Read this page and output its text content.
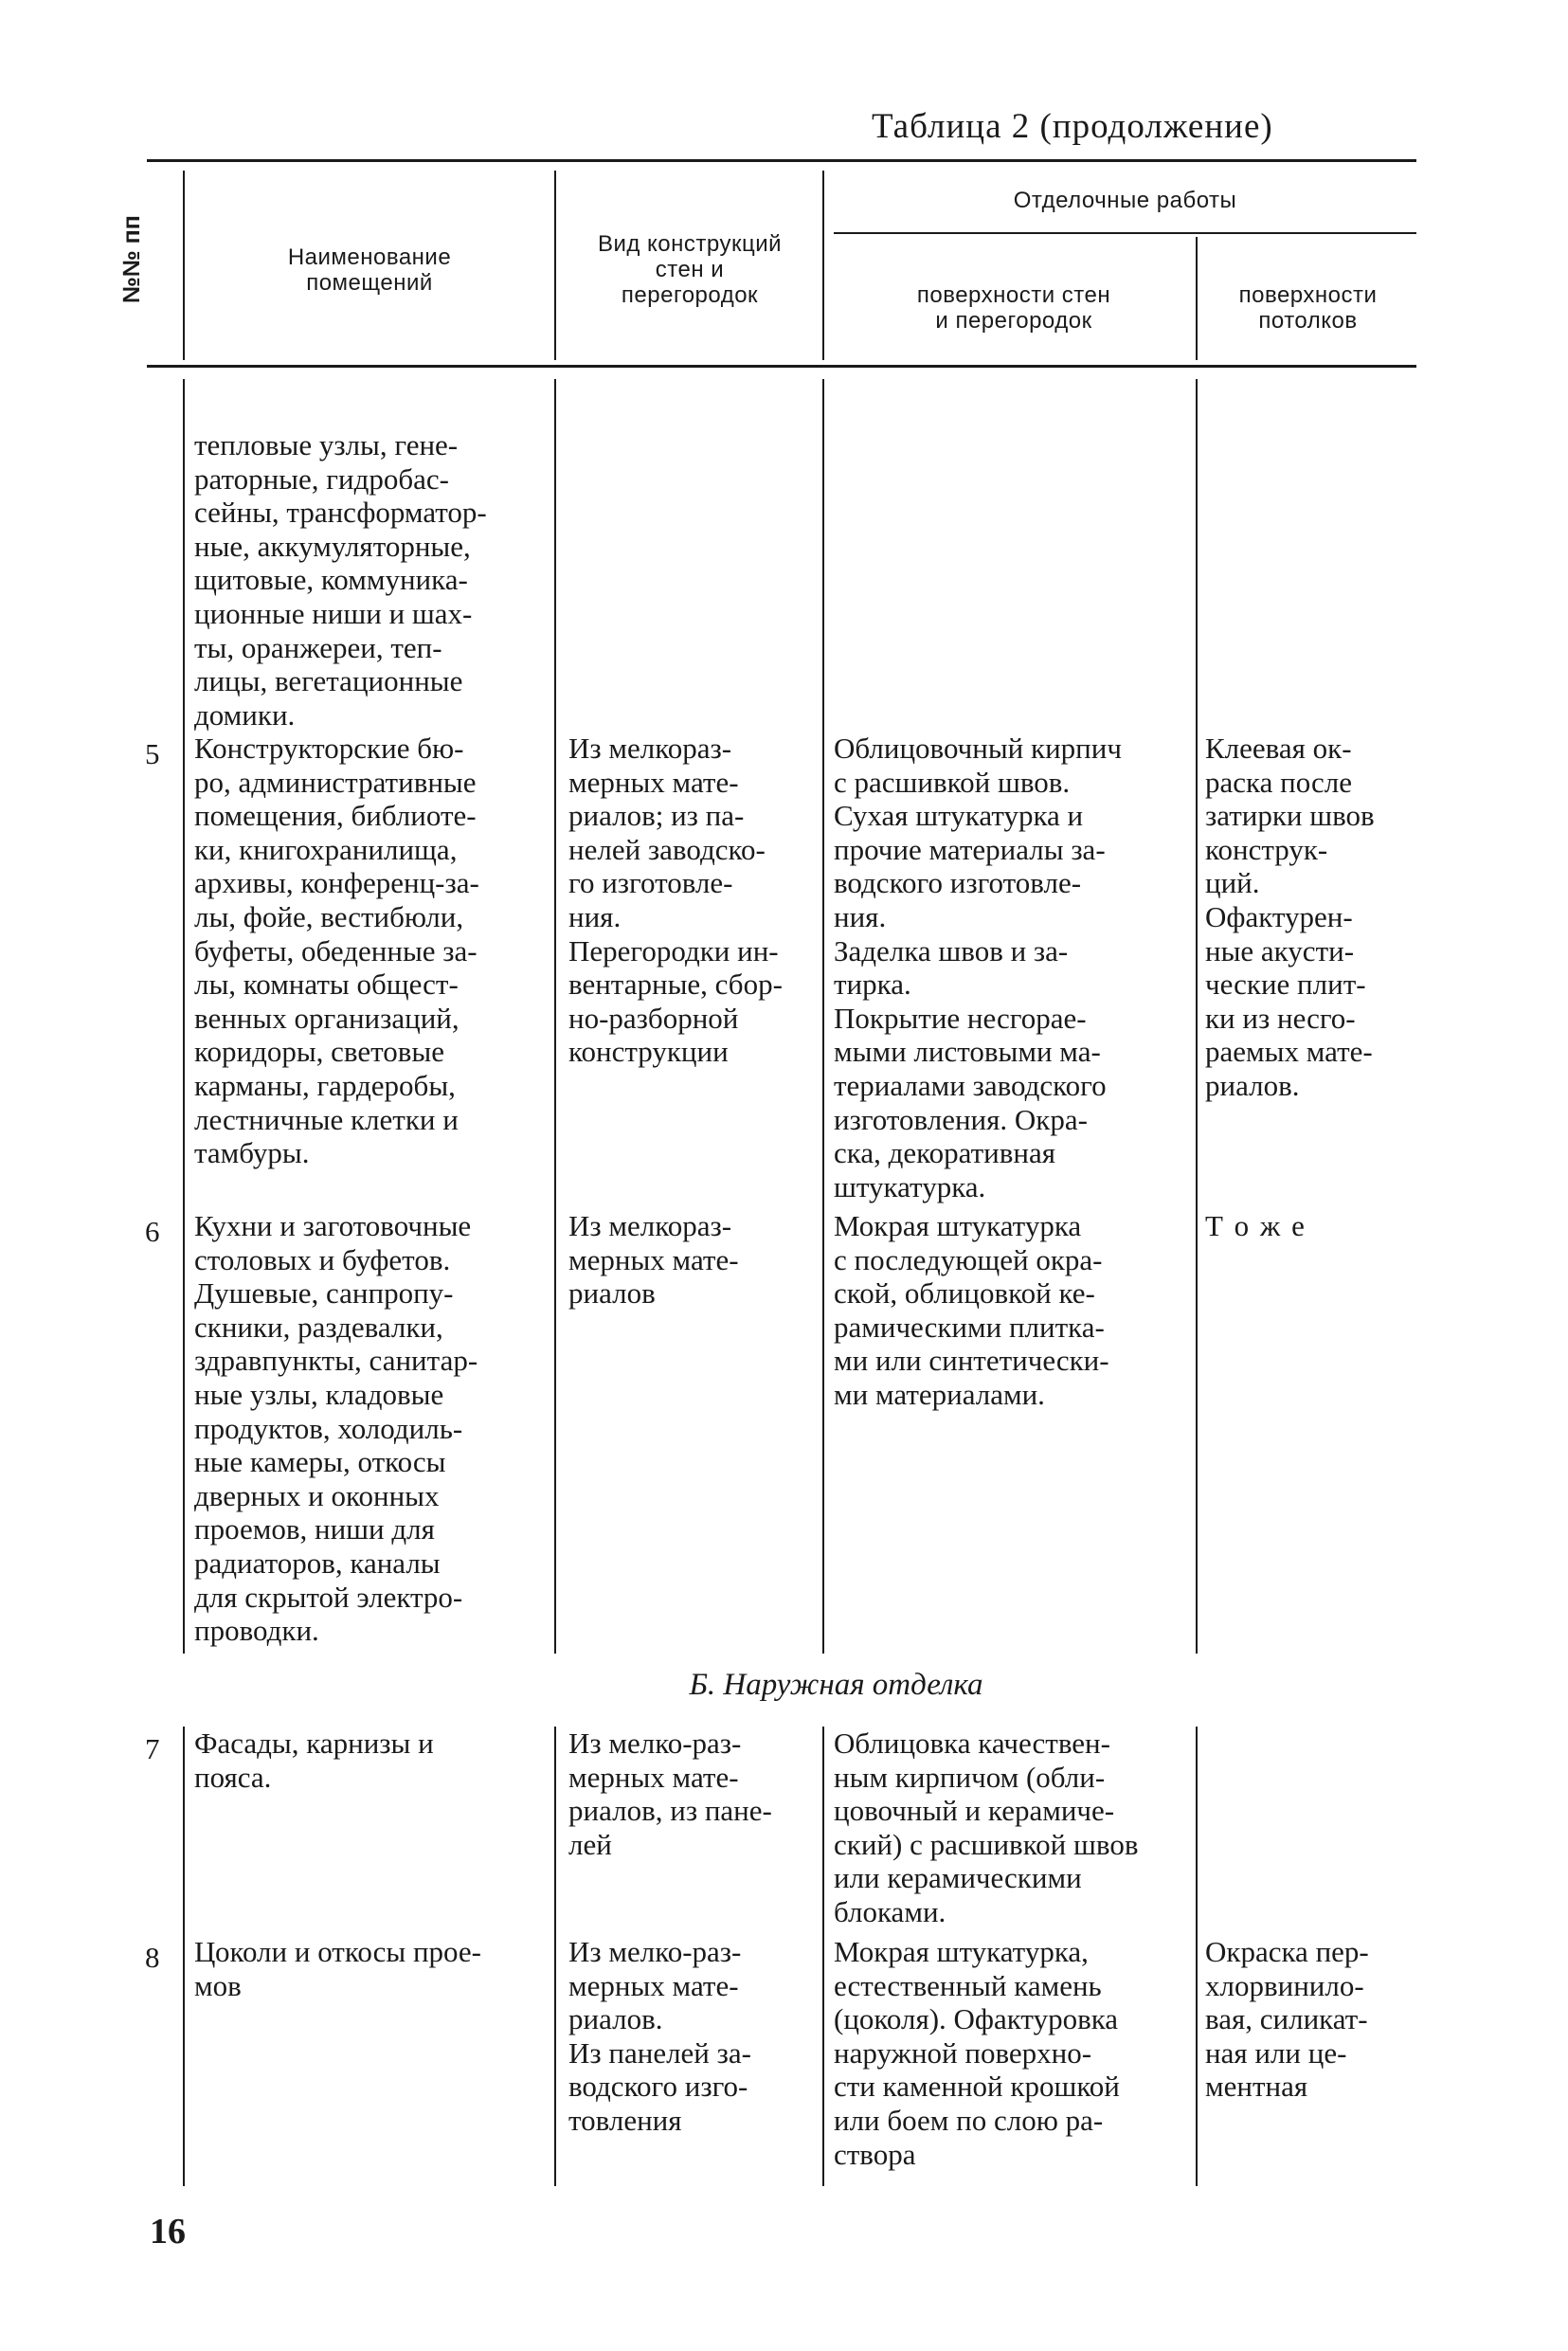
Таблица 2 (продолжение)
№№ пп	Наименование
помещений
Вид конструкций
стен и
перегородок
Отделочные работы
поверхности стен
и перегородок
поверхности
потолков
тепловые узлы, гене-
раторные, гидробас-
сейны, трансформатор-
ные, аккумуляторные,
щитовые, коммуника-
ционные ниши и шах-
ты, оранжереи, теп-
лицы, вегетационные
домики.
5 Конструкторские бю-
ро, административные
помещения, библиоте-
ки, книгохранилища,
архивы, конференц-за-
лы, фойе, вестибюли,
буфеты, обеденные за-
лы, комнаты общест-
венных организаций,
коридоры, световые
карманы, гардеробы,
лестничные клетки и
тамбуры.
Из мелкораз-
мерных мате-
риалов; из па-
нелей заводско-
го изготовле-
ния.
Перегородки ин-
вентарные, сбор-
но-разборной
конструкции
Облицовочный кирпич
с расшивкой швов.
Сухая штукатурка и
прочие материалы за-
водского изготовле-
ния.
Заделка швов и за-
тирка.
Покрытие несгорае-
мыми листовыми ма-
териалами заводского
изготовления. Окра-
ска, декоративная
штукатурка.
Клеевая ок-
раска после
затирки швов
конструк-
ций.
Офактурен-
ные акусти-
ческие плит-
ки из несго-
раемых мате-
риалов.
6 Кухни и заготовочные
столовых и буфетов.
Душевые, санпропу-
скники, раздевалки,
здравпункты, санитар-
ные узлы, кладовые
продуктов, холодиль-
ные камеры, откосы
дверных и оконных
проемов, ниши для
радиаторов, каналы
для скрытой электро-
проводки.
Из мелкораз-
мерных мате-
риалов
Мокрая штукатурка
с последующей окра-
ской, облицовкой ке-
рамическими плитка-
ми или синтетически-
ми материалами.
Т о ж е
Б. Наружная отделка
7 Фасады, карнизы и
пояса.
Из мелко-раз-
мерных мате-
риалов, из пане-
лей
Облицовка качествен-
ным кирпичом (обли-
цовочный и керамиче-
ский) с расшивкой швов
или керамическими
блоками.
8 Цоколи и откосы прое-
мов
Из мелко-раз-
мерных мате-
риалов.
Из панелей за-
водского изго-
товления
Мокрая штукатурка,
естественный камень
(цоколя). Офактуровка
наружной поверхно-
сти каменной крошкой
или боем по слою ра-
створа
Окраска пер-
хлорвинило-
вая, силикат-
ная или це-
ментная
16
